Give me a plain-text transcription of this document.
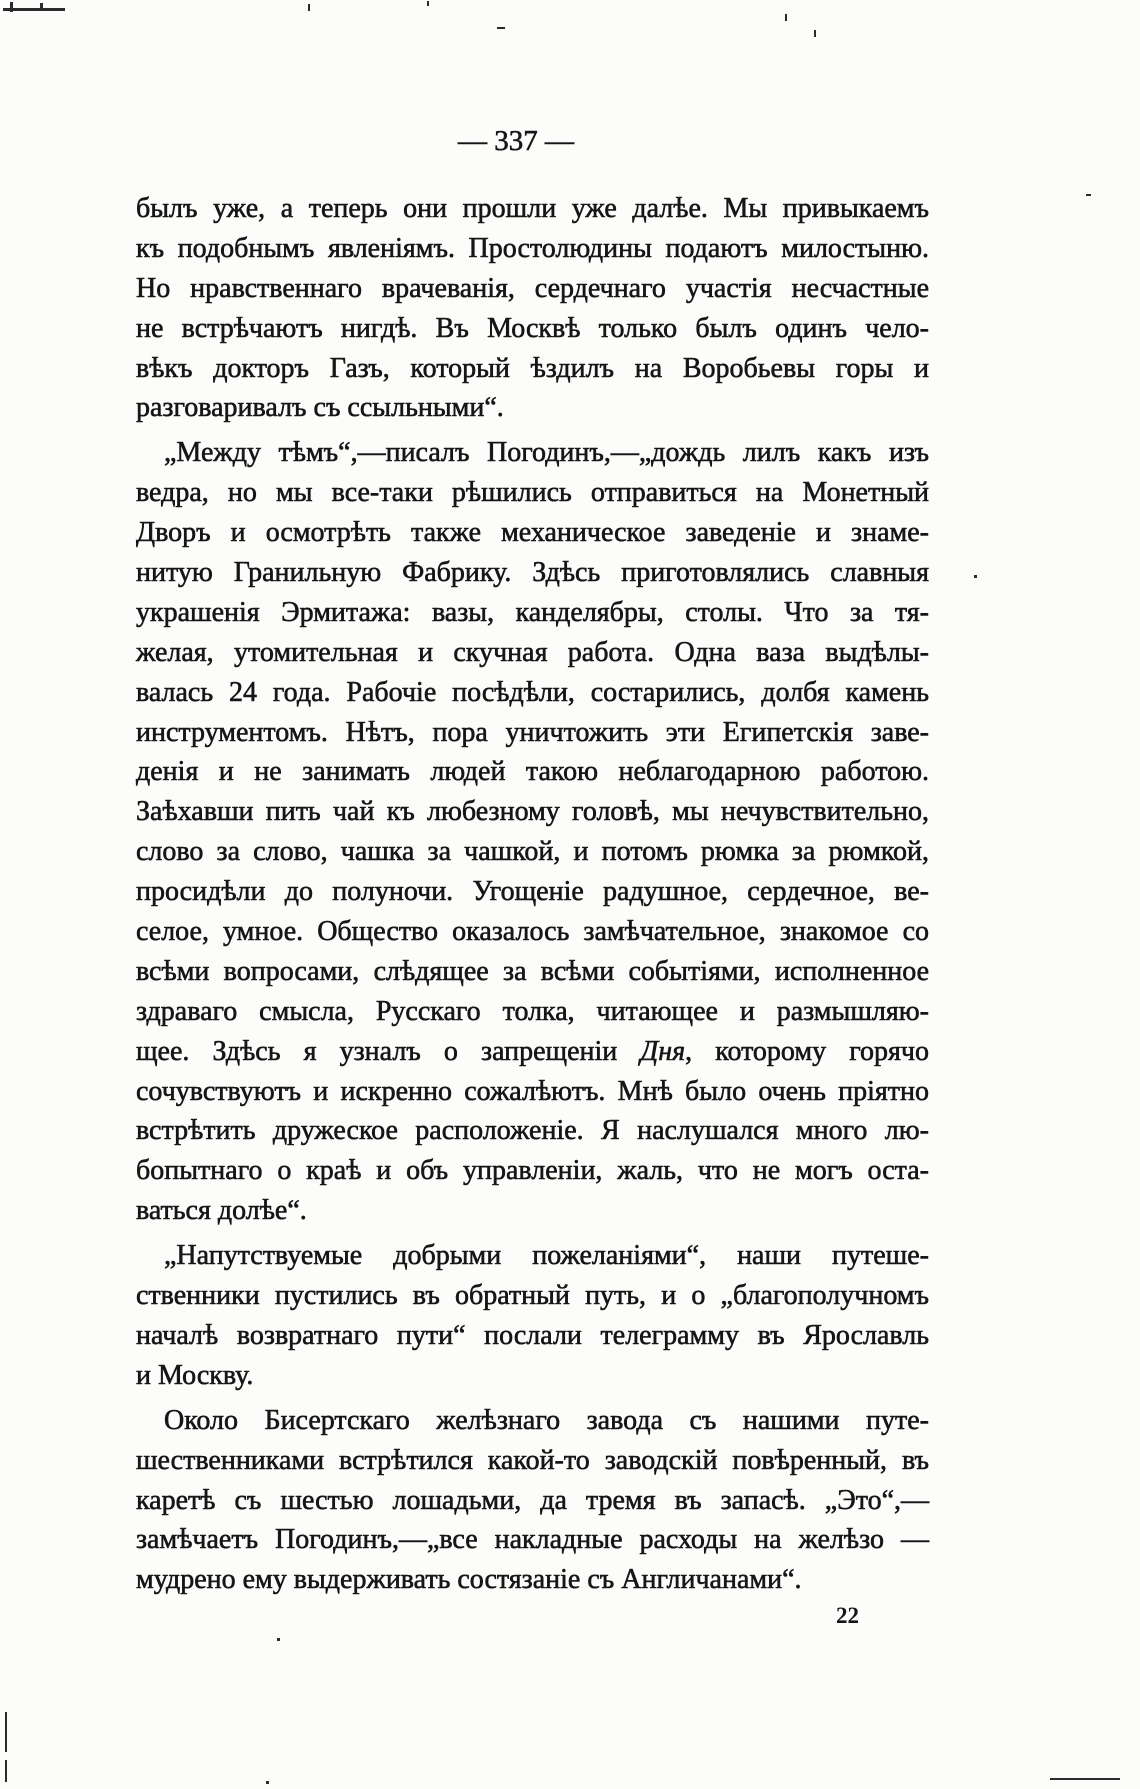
— 337 —
былъ уже, а теперь они прошли уже далѣе. Мы привыкаемъ
къ подобнымъ явленіямъ. Простолюдины подаютъ милостыню.
Но нравственнаго врачеванія, сердечнаго участія несчастные
не встрѣчаютъ нигдѣ. Въ Москвѣ только былъ одинъ чело-
вѣкъ докторъ Газъ, который ѣздилъ на Воробьевы горы и
разговаривалъ съ ссыльными“.
„Между тѣмъ“,—писалъ Погодинъ,—„дождь лилъ какъ изъ
ведра, но мы все-таки рѣшились отправиться на Монетный
Дворъ и осмотрѣть также механическое заведеніе и знаме-
нитую Гранильную Фабрику. Здѣсь приготовлялись славныя
украшенія Эрмитажа: вазы, канделябры, столы. Что за тя-
желая, утомительная и скучная работа. Одна ваза выдѣлы-
валась 24 года. Рабочіе посѣдѣли, состарились, долбя камень
инструментомъ. Нѣтъ, пора уничтожить эти Египетскія заве-
денія и не занимать людей такою неблагодарною работою.
Заѣхавши пить чай къ любезному головѣ, мы нечувствительно,
слово за слово, чашка за чашкой, и потомъ рюмка за рюмкой,
просидѣли до полуночи. Угощеніе радушное, сердечное, ве-
селое, умное. Общество оказалось замѣчательное, знакомое со
всѣми вопросами, слѣдящее за всѣми событіями, исполненное
здраваго смысла, Русскаго толка, читающее и размышляю-
щее. Здѣсь я узналъ о запрещеніи Дня, которому горячо
сочувствуютъ и искренно сожалѣютъ. Мнѣ было очень пріятно
встрѣтить дружеское расположеніе. Я наслушался много лю-
бопытнаго о краѣ и объ управленіи, жаль, что не могъ оста-
ваться долѣе“.
„Напутствуемые добрыми пожеланіями“, наши путеше-
ственники пустились въ обратный путь, и о „благополучномъ
началѣ возвратнаго пути“ послали телеграмму въ Ярославль
и Москву.
Около Бисертскаго желѣзнаго завода съ нашими путе-
шественниками встрѣтился какой-то заводскій повѣренный, въ
каретѣ съ шестью лошадьми, да тремя въ запасѣ. „Это“,—
замѣчаетъ Погодинъ,—„все накладные расходы на желѣзо —
мудрено ему выдерживать состязаніе съ Англичанами“.
22
